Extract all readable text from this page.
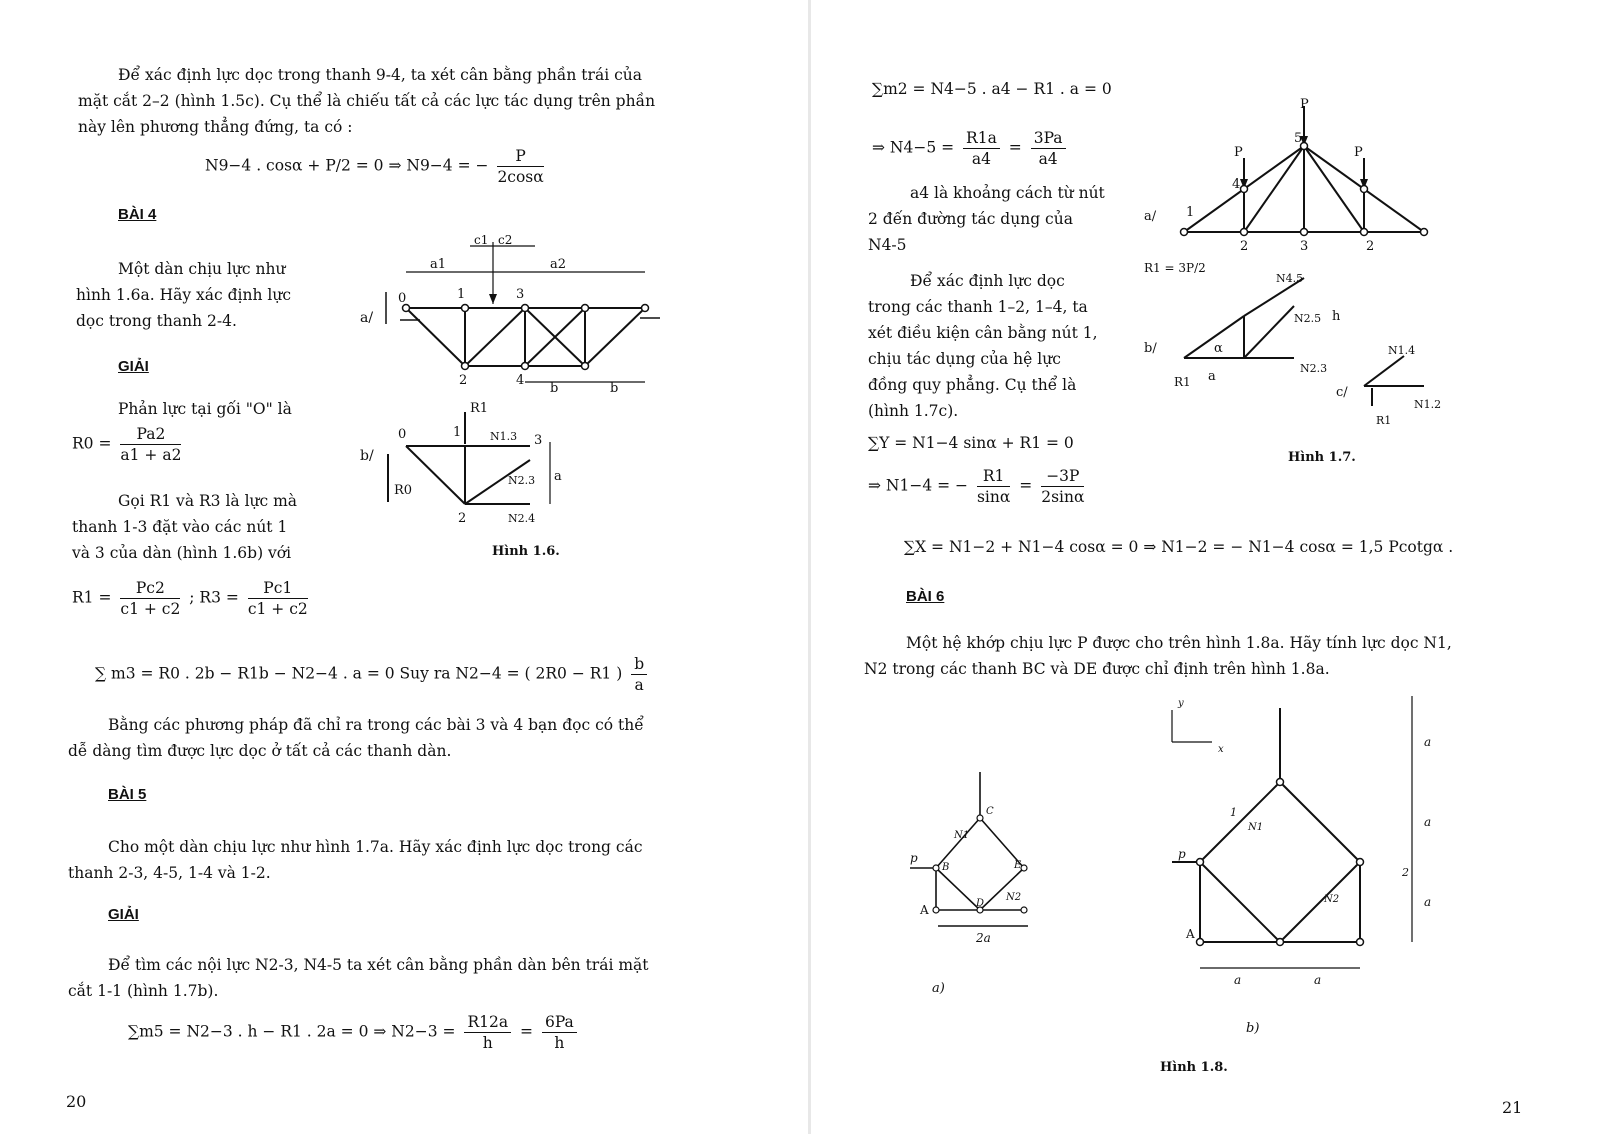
Để xác định lực dọc trong thanh 9-4, ta xét cân bằng phần trái của
mặt cắt 2–2 (hình 1.5c). Cụ thể là chiếu tất cả các lực tác dụng trên phần
này lên phương thẳng đứng, ta có :
N9−4 . cosα + P/2 = 0 ⇒ N9−4 = − $\frac{P}{2\cos\alpha}$
BÀI 4
Một dàn chịu lực như
hình 1.6a. Hãy xác định lực
dọc trong thanh 2-4.
GIẢI
Phản lực tại gối "O" là
$R0 = \frac{Pa2}{a1 + a2}$
Gọi R1 và R3 là lực mà
thanh 1-3 đặt vào các nút 1
và 3 của dàn (hình 1.6b) với
$R1 = \frac{Pc2}{c1 + c2}$ ; $R3 = \frac{Pc1}{c1 + c2}$
∑ m3 = R0 . 2b − R1b − N2−4 . a = 0 Suy ra N2−4 = ( 2R0 − R1 ) $\frac{b}{a}$
Bằng các phương pháp đã chỉ ra trong các bài 3 và 4 bạn đọc có thể
dễ dàng tìm được lực dọc ở tất cả các thanh dàn.
BÀI 5
Cho một dàn chịu lực như hình 1.7a. Hãy xác định lực dọc trong các
thanh 2-3, 4-5, 1-4 và 1-2.
GIẢI
Để tìm các nội lực N2-3, N4-5 ta xét cân bằng phần dàn bên trái mặt
cắt 1-1 (hình 1.7b).
∑m5 = N2−3 . h − R1 . 2a = 0 ⇒ $N2-3 = \frac{R12a}{h} = \frac{6Pa}{h}$
20
a/
c1 c2
a1	a2
b	b
0	1	3
2	4
b/
0	1
3
2
R1
R0
N1.3
N2.3
N2.4
a
Hình 1.6.
∑m2 = N4−5 . a4 − R1 . a = 0
⇒ $N4-5 = \frac{R1a}{a4} = \frac{3Pa}{a4}$
a4 là khoảng cách từ nút
2 đến đường tác dụng của
N4-5
Để xác định lực dọc
trong các thanh 1–2, 1–4, ta
xét điều kiện cân bằng nút 1,
chịu tác dụng của hệ lực
đồng quy phẳng. Cụ thể là
(hình 1.7c).
∑Y = N1−4 sinα + R1 = 0
⇒ N1−4 = − $\frac{R1}{\sin\alpha} = \frac{-3P}{2\sin\alpha}$
∑X = N1−2 + N1−4 cosα = 0 ⇒ N1−2 = − N1−4 cosα = 1,5 Pcotgα .
BÀI 6
Một hệ khớp chịu lực P được cho trên hình 1.8a. Hãy tính lực dọc N1,
N2 trong các thanh BC và DE được chỉ định trên hình 1.8a.
21
a/
P
P	P
1
4
5
2	3	2
R1 = 3P/2
b/
N4.5
N2.5
N2.3
h
α
a
R1
c/
N1.4
N1.2
R1
Hình 1.7.
p
A
B
C
D
E
N1
N2
2a
a)
p
A
N1
N2
a	a
a
a
a
x
y
1
2
b)
Hình 1.8.
